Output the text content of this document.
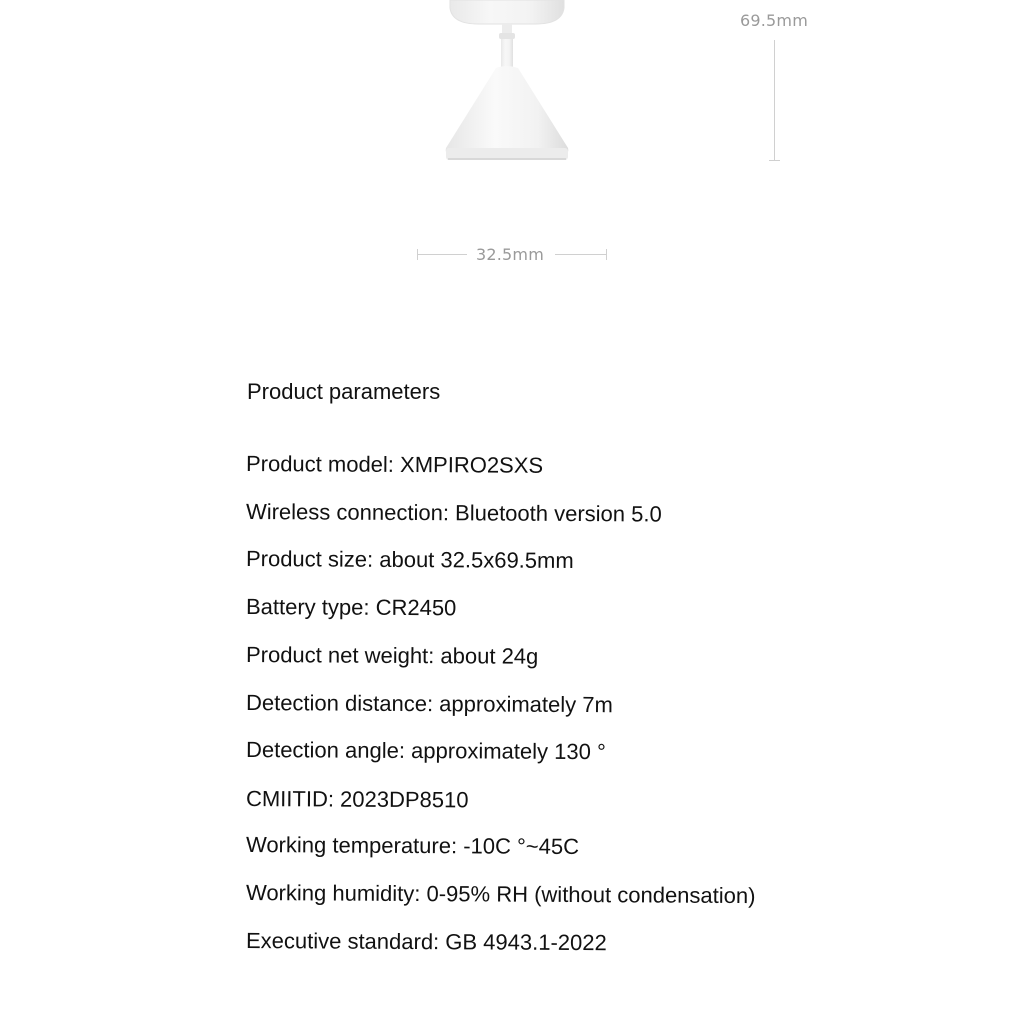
69.5mm
32.5mm
Product parameters
Product model: XMPIRO2SXS
Wireless connection: Bluetooth version 5.0
Product size: about 32.5x69.5mm
Battery type: CR2450
Product net weight: about 24g
Detection distance: approximately 7m
Detection angle: approximately 130 °
CMIITID: 2023DP8510
Working temperature: -10C °~45C
Working humidity: 0-95% RH (without condensation)
Executive standard: GB 4943.1-2022
